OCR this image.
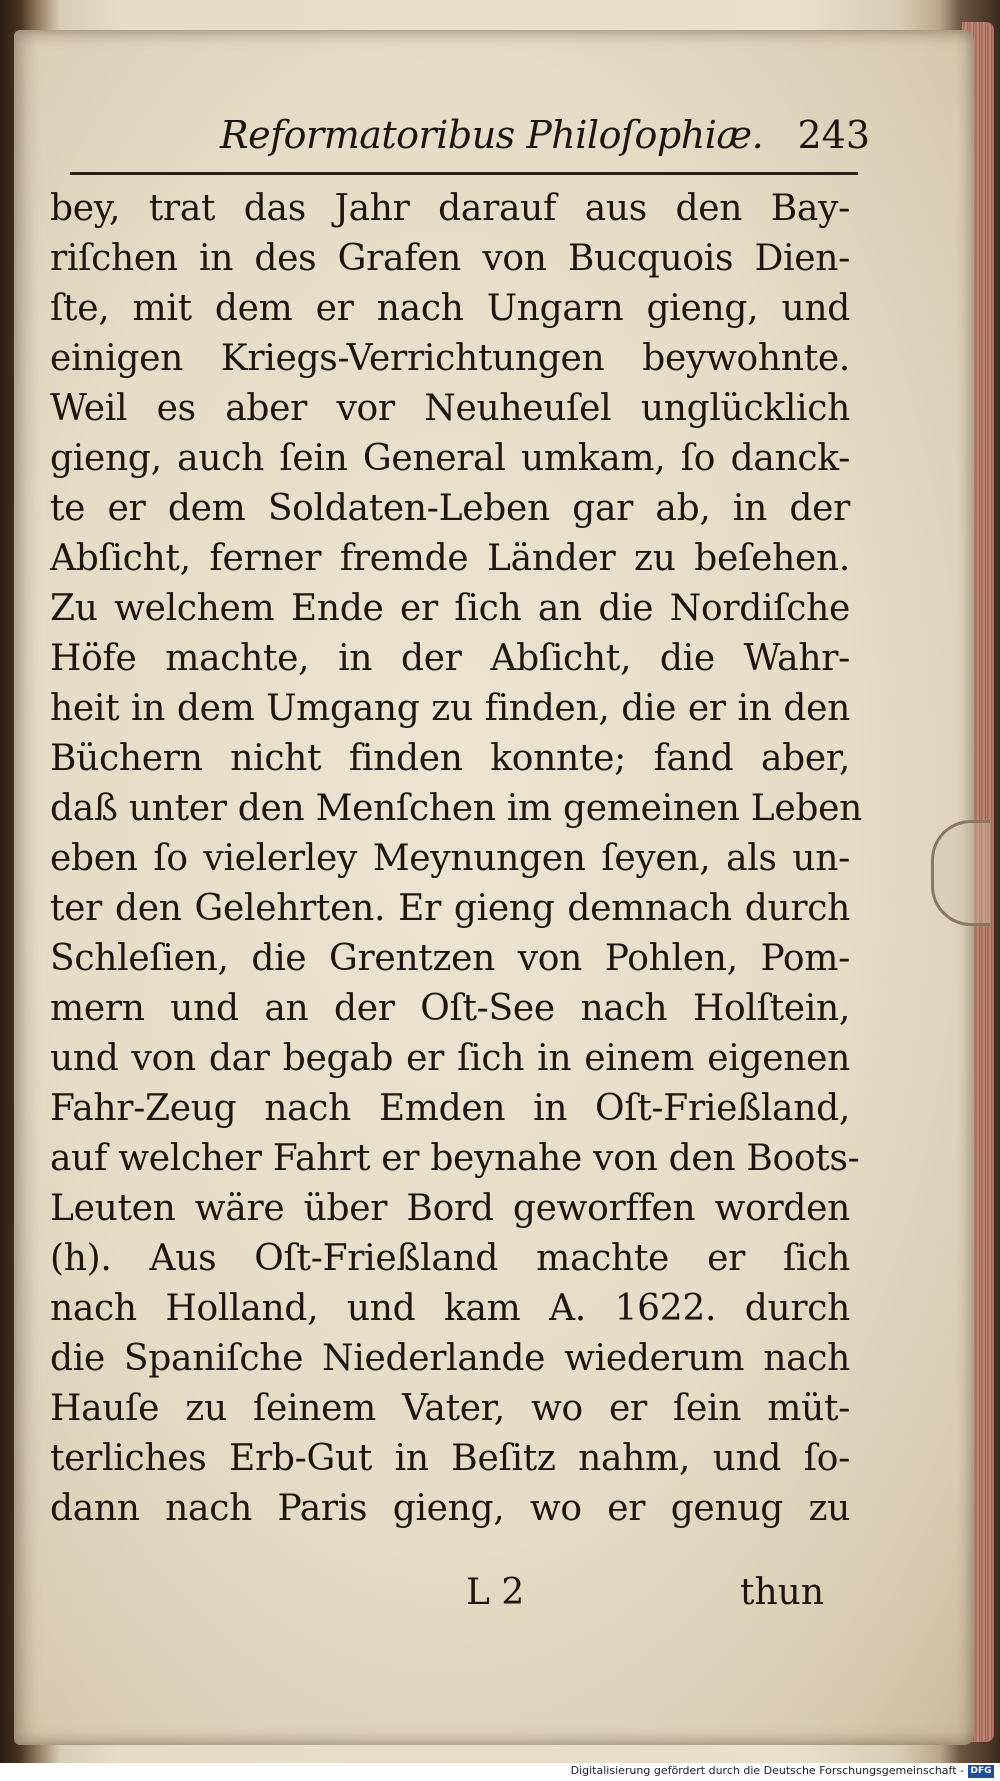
Reformatoribus Philoſophiæ. 243
bey, trat das Jahr darauf aus den Bay-
riſchen in des Grafen von Bucquois Dien-
ſte, mit dem er nach Ungarn gieng, und
einigen Kriegs-Verrichtungen beywohnte.
Weil es aber vor Neuheuſel unglücklich
gieng, auch ſein General umkam, ſo danck-
te er dem Soldaten-Leben gar ab, in der
Abſicht, ferner fremde Länder zu beſehen.
Zu welchem Ende er ſich an die Nordiſche
Höfe machte, in der Abſicht, die Wahr-
heit in dem Umgang zu finden, die er in den
Büchern nicht finden konnte; fand aber,
daß unter den Menſchen im gemeinen Leben
eben ſo vielerley Meynungen ſeyen, als un-
ter den Gelehrten. Er gieng demnach durch
Schleſien, die Grentzen von Pohlen, Pom-
mern und an der Oſt-See nach Holſtein,
und von dar begab er ſich in einem eigenen
Fahr-Zeug nach Emden in Oſt-Frießland,
auf welcher Fahrt er beynahe von den Boots-
Leuten wäre über Bord geworffen worden
(h). Aus Oſt-Frießland machte er ſich
nach Holland, und kam A. 1622. durch
die Spaniſche Niederlande wiederum nach
Hauſe zu ſeinem Vater, wo er ſein müt-
terliches Erb-Gut in Beſitz nahm, und ſo-
dann nach Paris gieng, wo er genug zu
L 2	thun
Digitalisierung gefördert durch die Deutsche Forschungsgemeinschaft - DFG
